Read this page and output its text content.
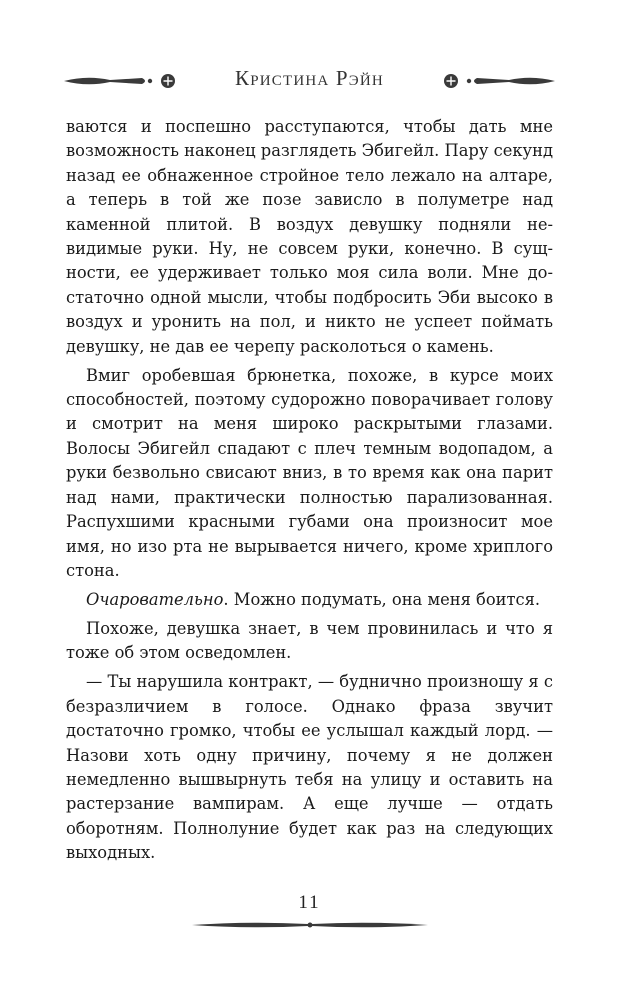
Кристина Рэйн

ваются и поспешно расступаются, чтобы дать мне возможность наконец разглядеть Эбигейл. Пару секунд назад ее обнаженное стройное тело лежало на алтаре, а теперь в той же позе зависло в полуметре над каменной плитой. В воздух девушку подняли невидимые руки. Ну, не совсем руки, конечно. В сущности, ее удерживает только моя сила воли. Мне достаточно одной мысли, чтобы подбросить Эби высоко в воздух и уронить на пол, и никто не успеет поймать девушку, не дав ее черепу расколоться о камень.

Вмиг оробевшая брюнетка, похоже, в курсе моих способностей, поэтому судорожно поворачивает голову и смотрит на меня широко раскрытыми глазами. Волосы Эбигейл спадают с плеч темным водопадом, а руки безвольно свисают вниз, в то время как она парит над нами, практически полностью парализованная. Распухшими красными губами она произносит мое имя, но изо рта не вырывается ничего, кроме хриплого стона.

Очаровательно. Можно подумать, она меня боится.

Похоже, девушка знает, в чем провинилась и что я тоже об этом осведомлен.

— Ты нарушила контракт, — буднично произношу я с безразличием в голосе. Однако фраза звучит достаточно громко, чтобы ее услышал каждый лорд. — Назови хоть одну причину, почему я не должен немедленно вышвырнуть тебя на улицу и оставить на растерзание вампирам. А еще лучше — отдать оборотням. Полнолуние будет как раз на следующих выходных.

11
